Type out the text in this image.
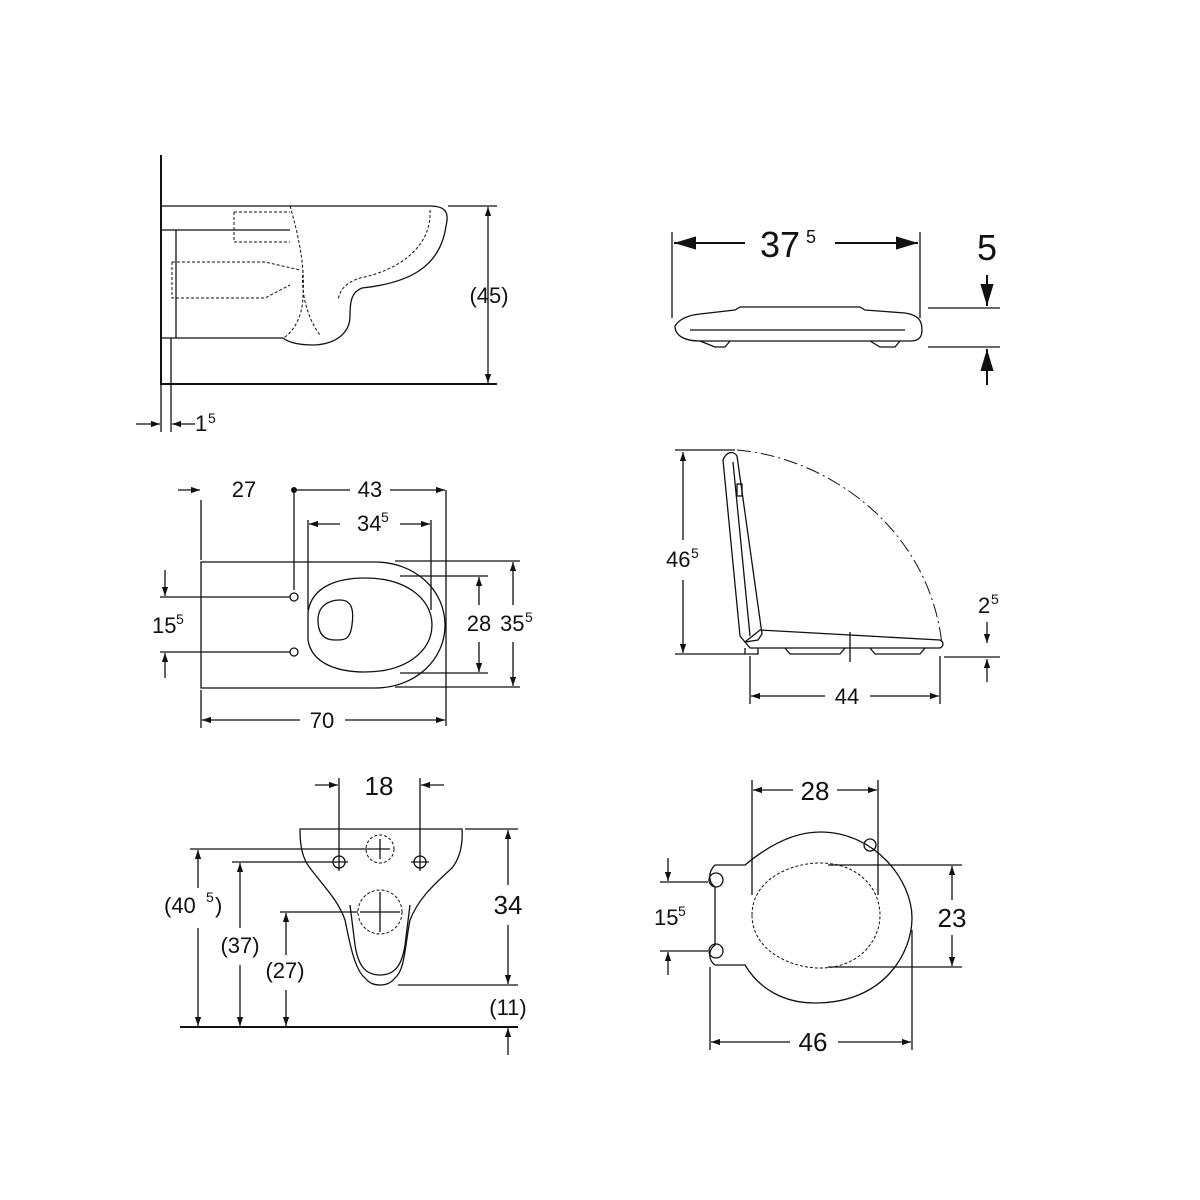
(45)
1 5
27	43
34 5
15 5	28 35 5
70
18
(40 5 )
(37)
(27)
34
(11)
37 5	5
46 5
44
2 5
28
23
15 5
46
